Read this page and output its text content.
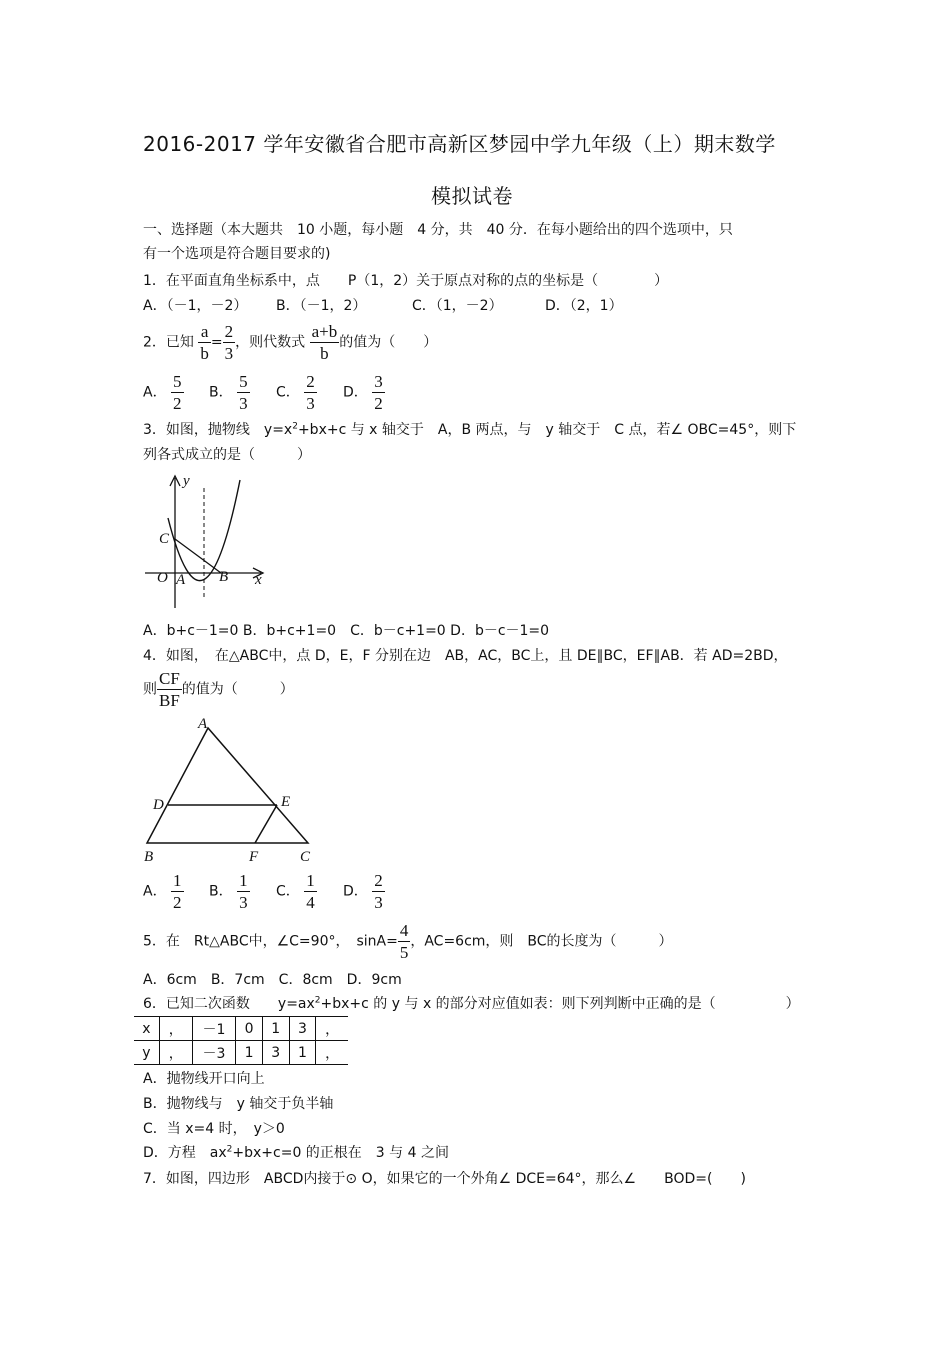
2016-2017 学年安徽省合肥市高新区梦园中学九年级（上）期末数学
模拟试卷
一、选择题（本大题共　10 小题，每小题　4 分，共　40 分．在每小题给出的四个选项中，只
有一个选项是符合题目要求的)
1．在平面直角坐标系中，点　　P（1，2）关于原点对称的点的坐标是（　　　　）
A．（－1，－2） B．（－1，2）	C．（1，－2）	D．（2，1）
2．已知 $\frac{a}{b} = \frac{2}{3}$ ，则代数式 $\frac{a+b}{b}$ 的值为（　　）
A． $\frac{5}{2}$ B． $\frac{5}{3}$ C． $\frac{2}{3}$ D． $\frac{3}{2}$
3．如图，抛物线　$y=x^2+bx+c$ 与 x 轴交于　A，B 两点，与　y 轴交于　C 点，若∠ OBC=45°，则下
列各式成立的是（　　　）
y
x
C
O A B
A．b+c－1=0 B．b+c+1=0　C．b－c+1=0 D．b－c－1=0
4．如图，　在△ABC中，点 D，E，F 分别在边　AB，AC，BC上，且 DE∥BC，EF∥AB．若 AD=2BD，
则 $\frac{CF}{BF}$ 的值为（　　　）
A
D	E
B	F	C
A． $\frac{1}{2}$ B． $\frac{1}{3}$ C． $\frac{1}{4}$ D． $\frac{2}{3}$
5．在　Rt△ABC中，∠C=90°，　$\sin A= \frac{4}{5}$ ，AC=6cm，则　BC的长度为（　　　）
A．6cm　B．7cm　C．8cm　D．9cm
6．已知二次函数　　$y=ax^2+bx+c$ 的 y 与 x 的部分对应值如表：则下列判断中正确的是（　　　　　）
x	，	－1	0	1	3	，
y	，	－3	1	3	1	，
A．抛物线开口向上
B．抛物线与　y 轴交于负半轴
C．当 x=4 时，　y＞0
D．方程　$ax^2+bx+c=0$ 的正根在　3 与 4 之间
7．如图，四边形　ABCD内接于⊙ O，如果它的一个外角∠ DCE=64°，那么∠　　BOD=(　　)
